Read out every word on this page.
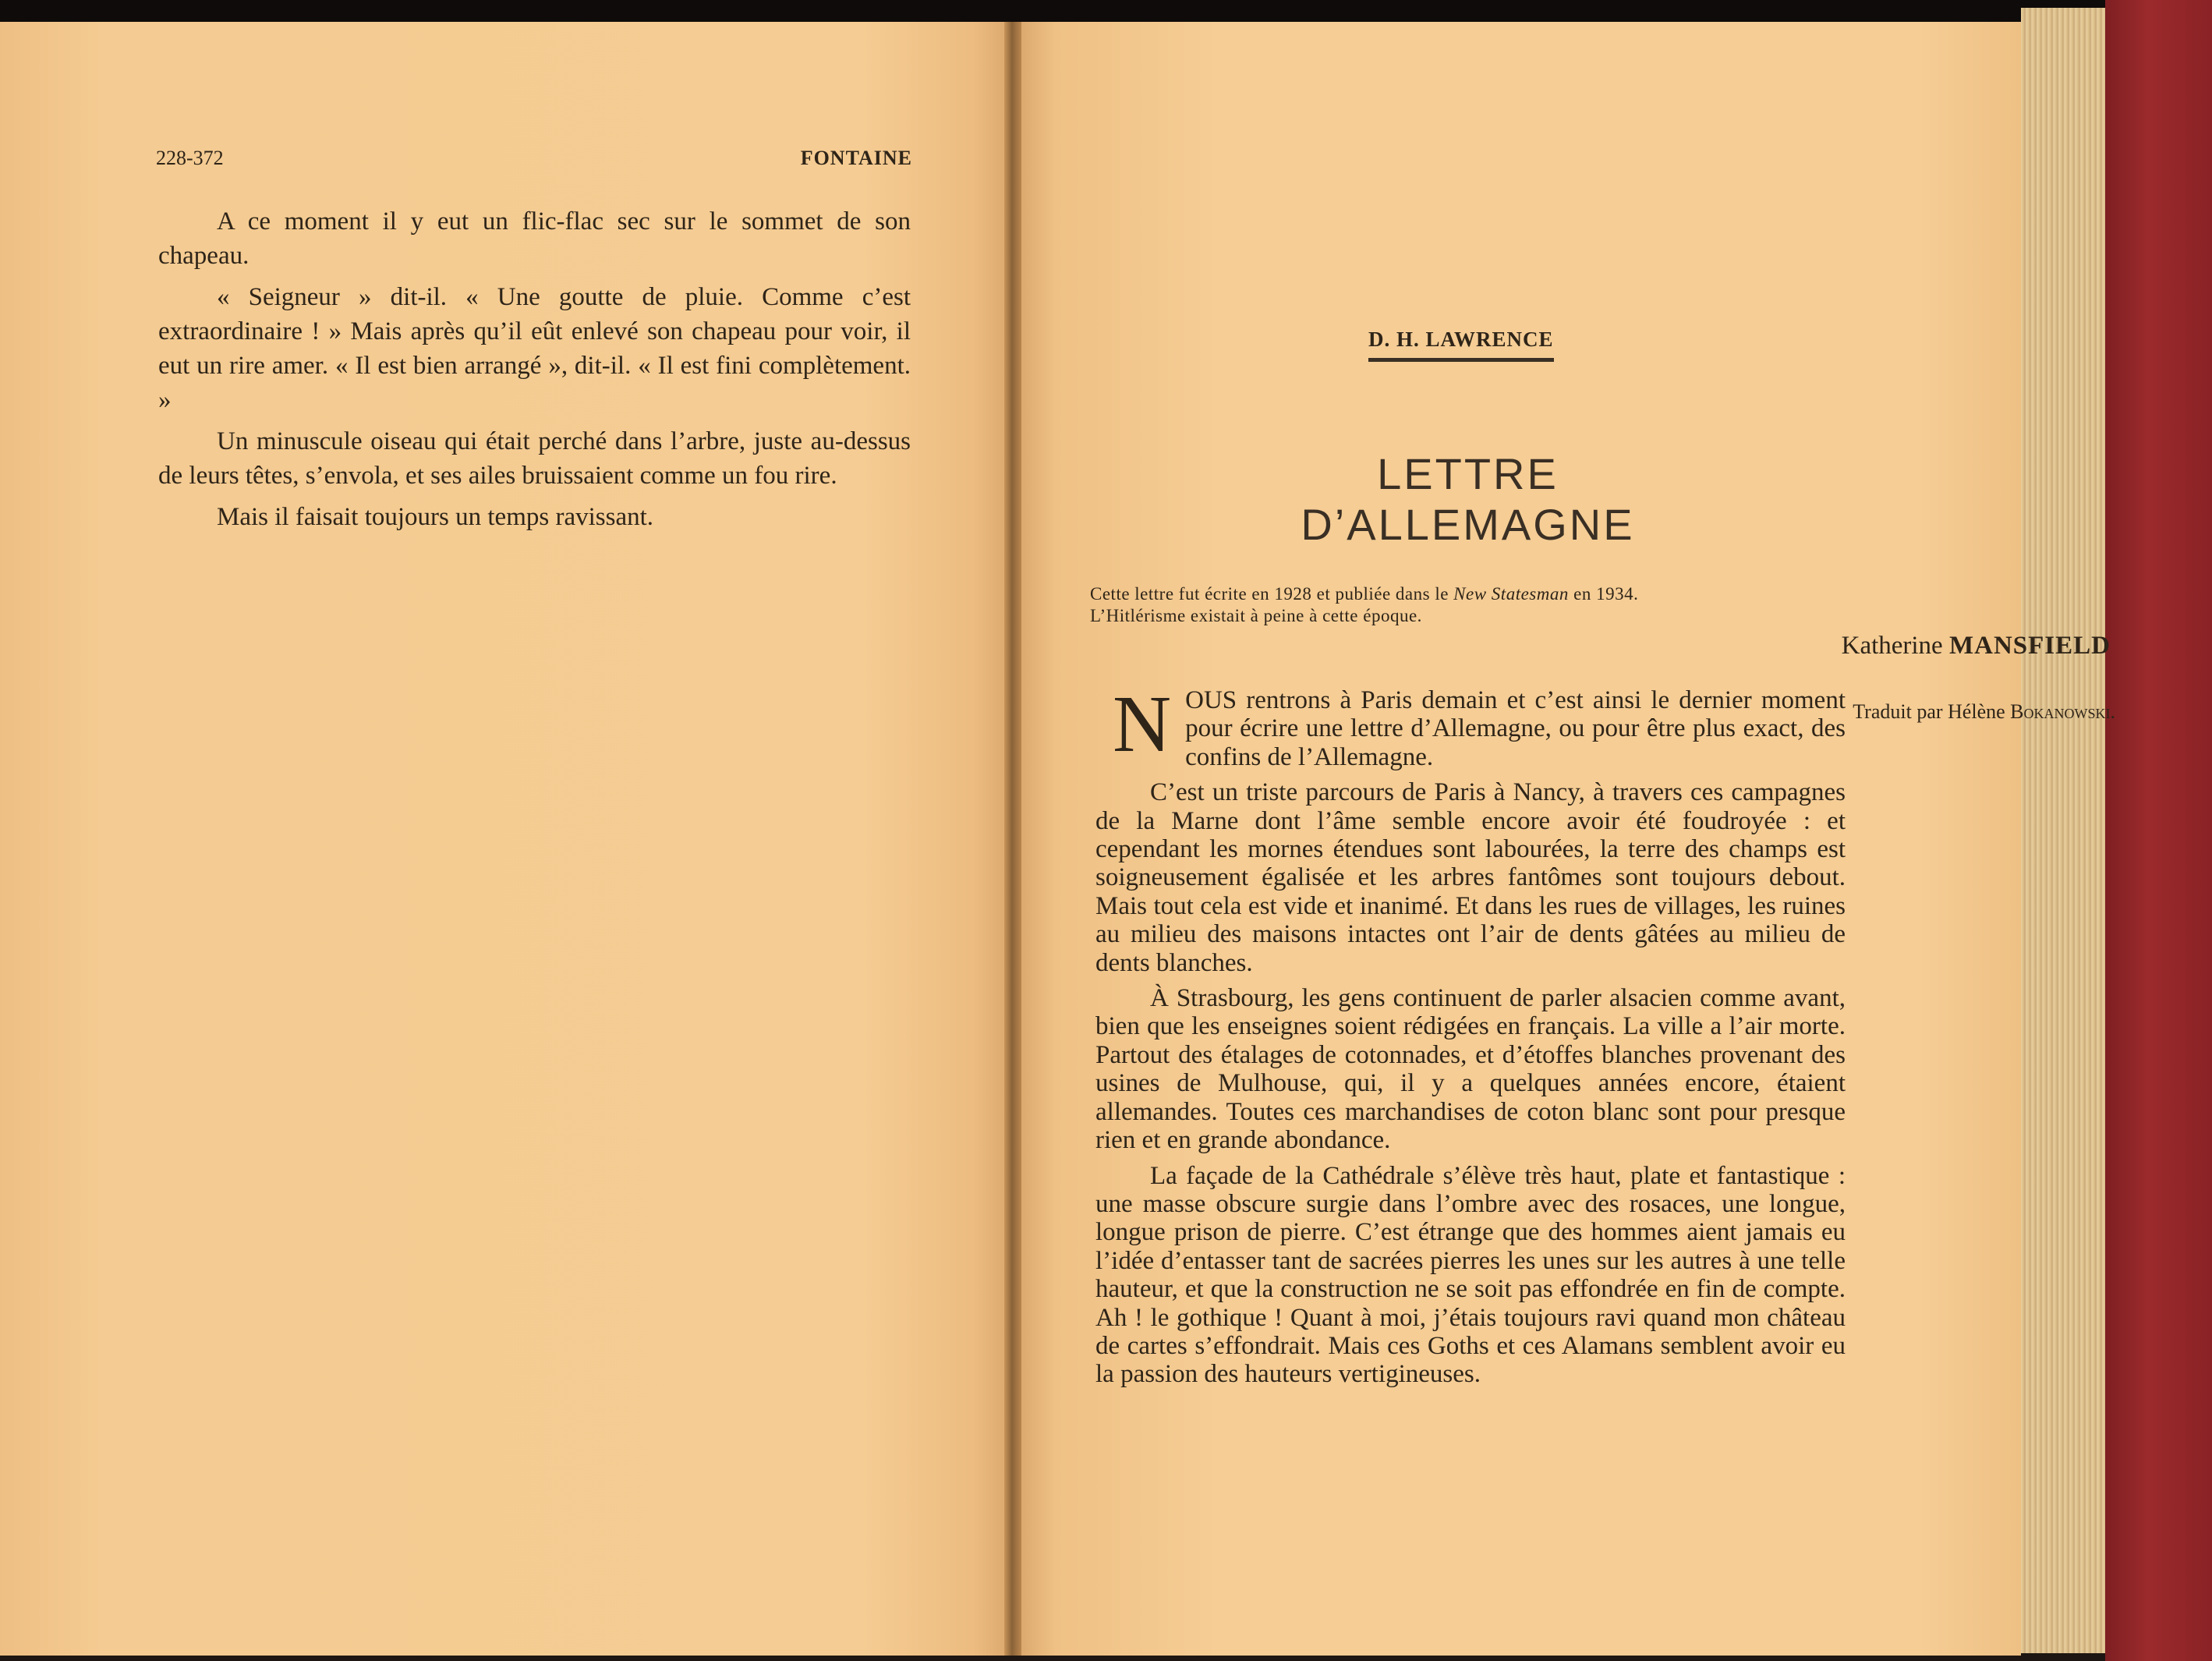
228-372	FONTAINE

A ce moment il y eut un flic-flac sec sur le sommet de son chapeau.

« Seigneur » dit-il. « Une goutte de pluie. Comme c’est extraordinaire ! » Mais après qu’il eût enlevé son chapeau pour voir, il eut un rire amer. « Il est bien arrangé », dit-il. « Il est fini complètement. »

Un minuscule oiseau qui était perché dans l’arbre, juste au-dessus de leurs têtes, s’envola, et ses ailes bruissaient comme un fou rire.

Mais il faisait toujours un temps ravissant.

Katherine MANSFIELD
Traduit par Hélène Bokanowski.
D. H. LAWRENCE
LETTRE D’ALLEMAGNE

Cette lettre fut écrite en 1928 et publiée dans le New Statesman en 1934.

L’Hitlérisme existait à peine à cette époque.

NOUS rentrons à Paris demain et c’est ainsi le dernier moment pour écrire une lettre d’Allemagne, ou pour être plus exact, des confins de l’Allemagne.

C’est un triste parcours de Paris à Nancy, à travers ces campagnes de la Marne dont l’âme semble encore avoir été foudroyée : et cependant les mornes étendues sont labourées, la terre des champs est soigneusement égalisée et les arbres fantômes sont toujours debout. Mais tout cela est vide et inanimé. Et dans les rues de villages, les ruines au milieu des maisons intactes ont l’air de dents gâtées au milieu de dents blanches.

À Strasbourg, les gens continuent de parler alsacien comme avant, bien que les enseignes soient rédigées en français. La ville a l’air morte. Partout des étalages de cotonnades, et d’étoffes blanches provenant des usines de Mulhouse, qui, il y a quelques années encore, étaient allemandes. Toutes ces marchandises de coton blanc sont pour presque rien et en grande abondance.

La façade de la Cathédrale s’élève très haut, plate et fantastique : une masse obscure surgie dans l’ombre avec des rosaces, une longue, longue prison de pierre. C’est étrange que des hommes aient jamais eu l’idée d’entasser tant de sacrées pierres les unes sur les autres à une telle hauteur, et que la construction ne se soit pas effondrée en fin de compte. Ah ! le gothique ! Quant à moi, j’étais toujours ravi quand mon château de cartes s’effondrait. Mais ces Goths et ces Alamans semblent avoir eu la passion des hauteurs vertigineuses.
